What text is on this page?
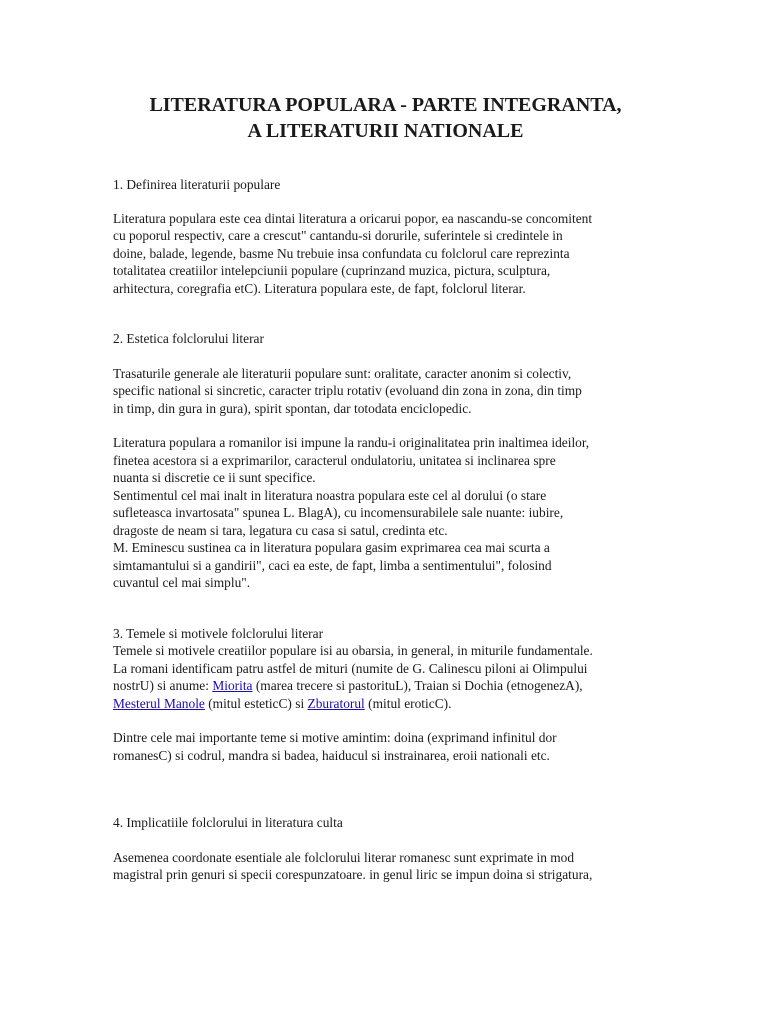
LITERATURA POPULARA - PARTE INTEGRANTA,
A LITERATURII NATIONALE

1. Definirea literaturii populare

Literatura populara este cea dintai literatura a oricarui popor, ea nascandu-se concomitent
cu poporul respectiv, care a crescut" cantandu-si dorurile, suferintele si credintele in
doine, balade, legende, basme Nu trebuie insa confundata cu folclorul care reprezinta
totalitatea creatiilor intelepciunii populare (cuprinzand muzica, pictura, sculptura,
arhitectura, coregrafia etC). Literatura populara este, de fapt, folclorul literar.

2. Estetica folclorului literar

Trasaturile generale ale literaturii populare sunt: oralitate, caracter anonim si colectiv,
specific national si sincretic, caracter triplu rotativ (evoluand din zona in zona, din timp
in timp, din gura in gura), spirit spontan, dar totodata enciclopedic.

Literatura populara a romanilor isi impune la randu-i originalitatea prin inaltimea ideilor,
finetea acestora si a exprimarilor, caracterul ondulatoriu, unitatea si inclinarea spre
nuanta si discretie ce ii sunt specifice.
Sentimentul cel mai inalt in literatura noastra populara este cel al dorului (o stare
sufleteasca invartosata" spunea L. BlagA), cu incomensurabilele sale nuante: iubire,
dragoste de neam si tara, legatura cu casa si satul, credinta etc.
M. Eminescu sustinea ca in literatura populara gasim exprimarea cea mai scurta a
simtamantului si a gandirii", caci ea este, de fapt, limba a sentimentului", folosind
cuvantul cel mai simplu".

3. Temele si motivele folclorului literar

Temele si motivele creatiilor populare isi au obarsia, in general, in miturile fundamentale.
La romani identificam patru astfel de mituri (numite de G. Calinescu piloni ai Olimpului
nostrU) si anume: Miorita (marea trecere si pastorituL), Traian si Dochia (etnogenezA),
Mesterul Manole (mitul esteticC) si Zburatorul (mitul eroticC).

Dintre cele mai importante teme si motive amintim: doina (exprimand infinitul dor
romanesC) si codrul, mandra si badea, haiducul si instrainarea, eroii nationali etc.

4. Implicatiile folclorului in literatura culta

Asemenea coordonate esentiale ale folclorului literar romanesc sunt exprimate in mod
magistral prin genuri si specii corespunzatoare. in genul liric se impun doina si strigatura,
